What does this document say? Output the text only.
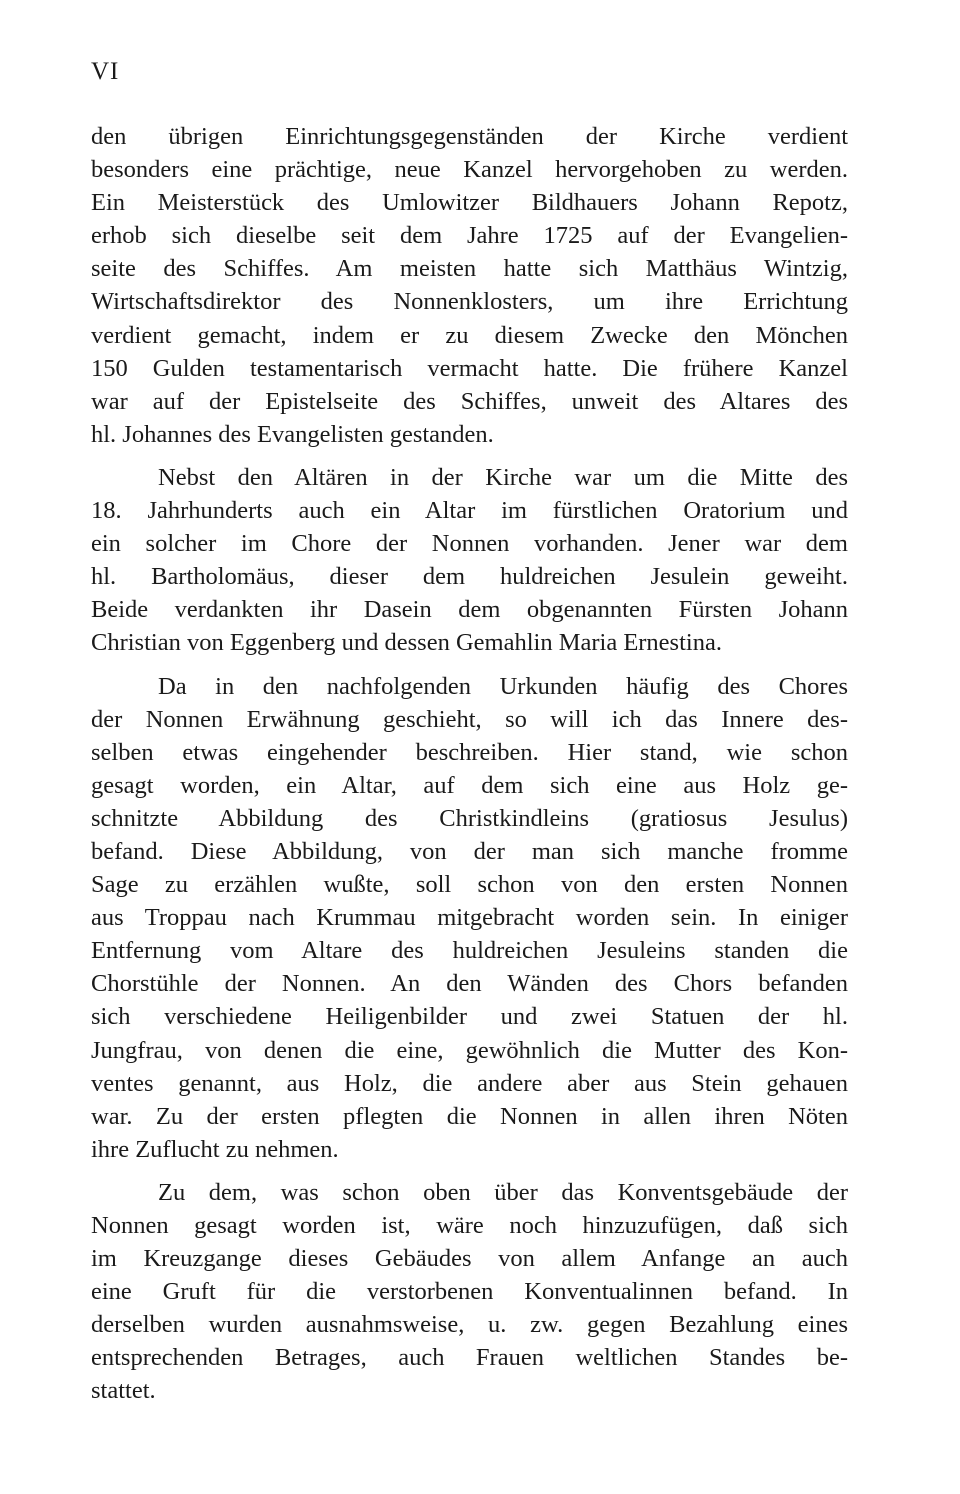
VI
den übrigen Einrichtungsgegenständen der Kirche verdient
besonders eine prächtige, neue Kanzel hervorgehoben zu werden.
Ein Meisterstück des Umlowitzer Bildhauers Johann Repotz,
erhob sich dieselbe seit dem Jahre 1725 auf der Evangelien-
seite des Schiffes. Am meisten hatte sich Matthäus Wintzig,
Wirtschaftsdirektor des Nonnenklosters, um ihre Errichtung
verdient gemacht, indem er zu diesem Zwecke den Mönchen
150 Gulden testamentarisch vermacht hatte. Die frühere Kanzel
war auf der Epistelseite des Schiffes, unweit des Altares des
hl. Johannes des Evangelisten gestanden.
Nebst den Altären in der Kirche war um die Mitte des
18. Jahrhunderts auch ein Altar im fürstlichen Oratorium und
ein solcher im Chore der Nonnen vorhanden. Jener war dem
hl. Bartholomäus, dieser dem huldreichen Jesulein geweiht.
Beide verdankten ihr Dasein dem obgenannten Fürsten Johann
Christian von Eggenberg und dessen Gemahlin Maria Ernestina.
Da in den nachfolgenden Urkunden häufig des Chores
der Nonnen Erwähnung geschieht, so will ich das Innere des-
selben etwas eingehender beschreiben. Hier stand, wie schon
gesagt worden, ein Altar, auf dem sich eine aus Holz ge-
schnitzte Abbildung des Christkindleins (gratiosus Jesulus)
befand. Diese Abbildung, von der man sich manche fromme
Sage zu erzählen wußte, soll schon von den ersten Nonnen
aus Troppau nach Krummau mitgebracht worden sein. In einiger
Entfernung vom Altare des huldreichen Jesuleins standen die
Chorstühle der Nonnen. An den Wänden des Chors befanden
sich verschiedene Heiligenbilder und zwei Statuen der hl.
Jungfrau, von denen die eine, gewöhnlich die Mutter des Kon-
ventes genannt, aus Holz, die andere aber aus Stein gehauen
war. Zu der ersten pflegten die Nonnen in allen ihren Nöten
ihre Zuflucht zu nehmen.
Zu dem, was schon oben über das Konventsgebäude der
Nonnen gesagt worden ist, wäre noch hinzuzufügen, daß sich
im Kreuzgange dieses Gebäudes von allem Anfange an auch
eine Gruft für die verstorbenen Konventualinnen befand. In
derselben wurden ausnahmsweise, u. zw. gegen Bezahlung eines
entsprechenden Betrages, auch Frauen weltlichen Standes be-
stattet.
